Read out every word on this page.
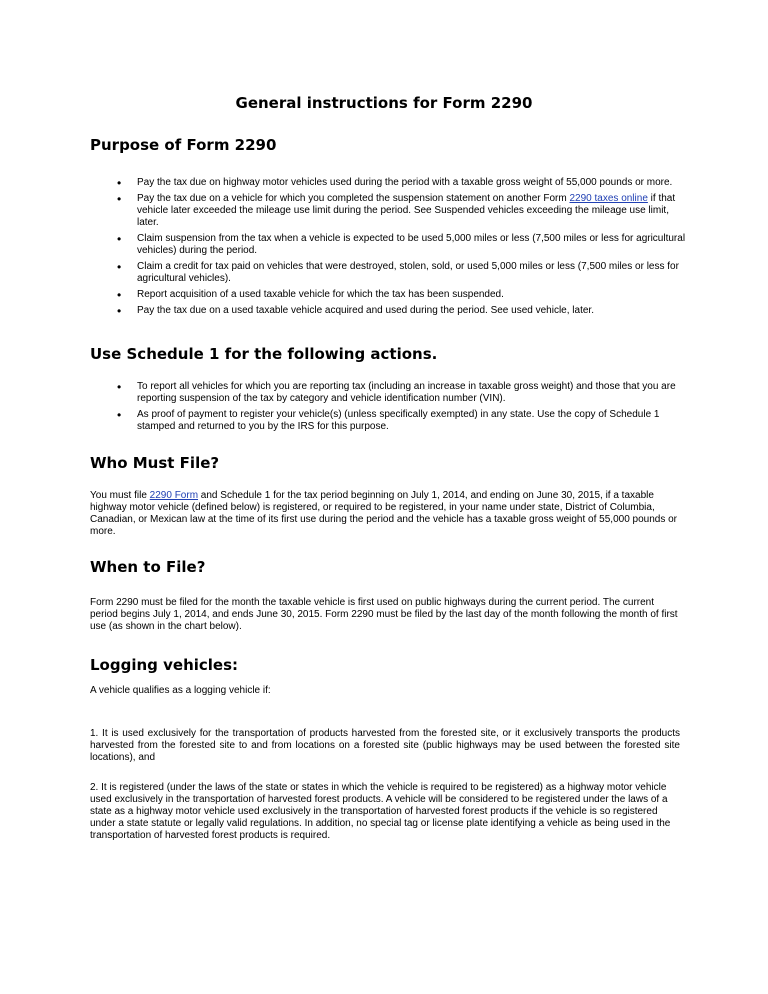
General instructions for Form 2290
Purpose of Form 2290
• Pay the tax due on highway motor vehicles used during the period with a taxable gross weight of 55,000 pounds or more.
• Pay the tax due on a vehicle for which you completed the suspension statement on another Form 2290 taxes online if that vehicle later exceeded the mileage use limit during the period. See Suspended vehicles exceeding the mileage use limit, later.
• Claim suspension from the tax when a vehicle is expected to be used 5,000 miles or less (7,500 miles or less for agricultural vehicles) during the period.
• Claim a credit for tax paid on vehicles that were destroyed, stolen, sold, or used 5,000 miles or less (7,500 miles or less for agricultural vehicles).
• Report acquisition of a used taxable vehicle for which the tax has been suspended.
• Pay the tax due on a used taxable vehicle acquired and used during the period. See used vehicle, later.
Use Schedule 1 for the following actions.
• To report all vehicles for which you are reporting tax (including an increase in taxable gross weight) and those that you are reporting suspension of the tax by category and vehicle identification number (VIN).
• As proof of payment to register your vehicle(s) (unless specifically exempted) in any state. Use the copy of Schedule 1 stamped and returned to you by the IRS for this purpose.
Who Must File?

You must file 2290 Form and Schedule 1 for the tax period beginning on July 1, 2014, and ending on June 30, 2015, if a taxable highway motor vehicle (defined below) is registered, or required to be registered, in your name under state, District of Columbia, Canadian, or Mexican law at the time of its first use during the period and the vehicle has a taxable gross weight of 55,000 pounds or more.

When to File?

Form 2290 must be filed for the month the taxable vehicle is first used on public highways during the current period. The current period begins July 1, 2014, and ends June 30, 2015. Form 2290 must be filed by the last day of the month following the month of first use (as shown in the chart below).

Logging vehicles:

A vehicle qualifies as a logging vehicle if:

1. It is used exclusively for the transportation of products harvested from the forested site, or it exclusively transports the products harvested from the forested site to and from locations on a forested site (public highways may be used between the forested site locations), and

2. It is registered (under the laws of the state or states in which the vehicle is required to be registered) as a highway motor vehicle used exclusively in the transportation of harvested forest products. A vehicle will be considered to be registered under the laws of a state as a highway motor vehicle used exclusively in the transportation of harvested forest products if the vehicle is so registered under a state statute or legally valid regulations. In addition, no special tag or license plate identifying a vehicle as being used in the transportation of harvested forest products is required.
